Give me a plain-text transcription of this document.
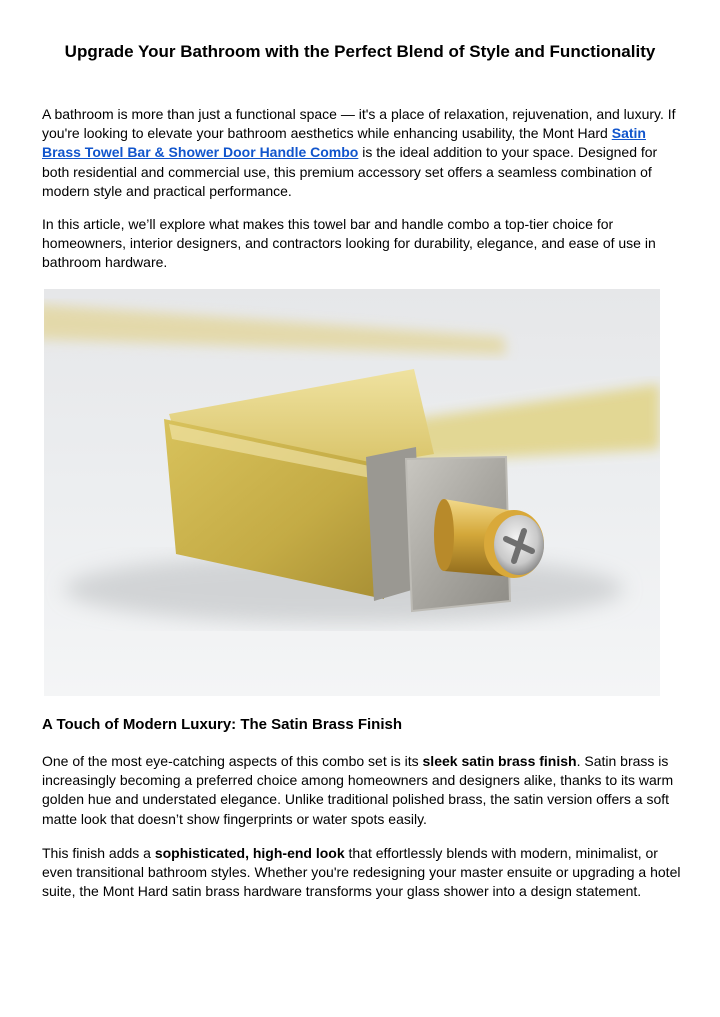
Upgrade Your Bathroom with the Perfect Blend of Style and Functionality

A bathroom is more than just a functional space — it's a place of relaxation, rejuvenation, and luxury. If you're looking to elevate your bathroom aesthetics while enhancing usability, the Mont Hard Satin Brass Towel Bar & Shower Door Handle Combo is the ideal addition to your space. Designed for both residential and commercial use, this premium accessory set offers a seamless combination of modern style and practical performance.

In this article, we’ll explore what makes this towel bar and handle combo a top-tier choice for homeowners, interior designers, and contractors looking for durability, elegance, and ease of use in bathroom hardware.

A Touch of Modern Luxury: The Satin Brass Finish

One of the most eye-catching aspects of this combo set is its sleek satin brass finish. Satin brass is increasingly becoming a preferred choice among homeowners and designers alike, thanks to its warm golden hue and understated elegance. Unlike traditional polished brass, the satin version offers a soft matte look that doesn’t show fingerprints or water spots easily.

This finish adds a sophisticated, high-end look that effortlessly blends with modern, minimalist, or even transitional bathroom styles. Whether you're redesigning your master ensuite or upgrading a hotel suite, the Mont Hard satin brass hardware transforms your glass shower into a design statement.
